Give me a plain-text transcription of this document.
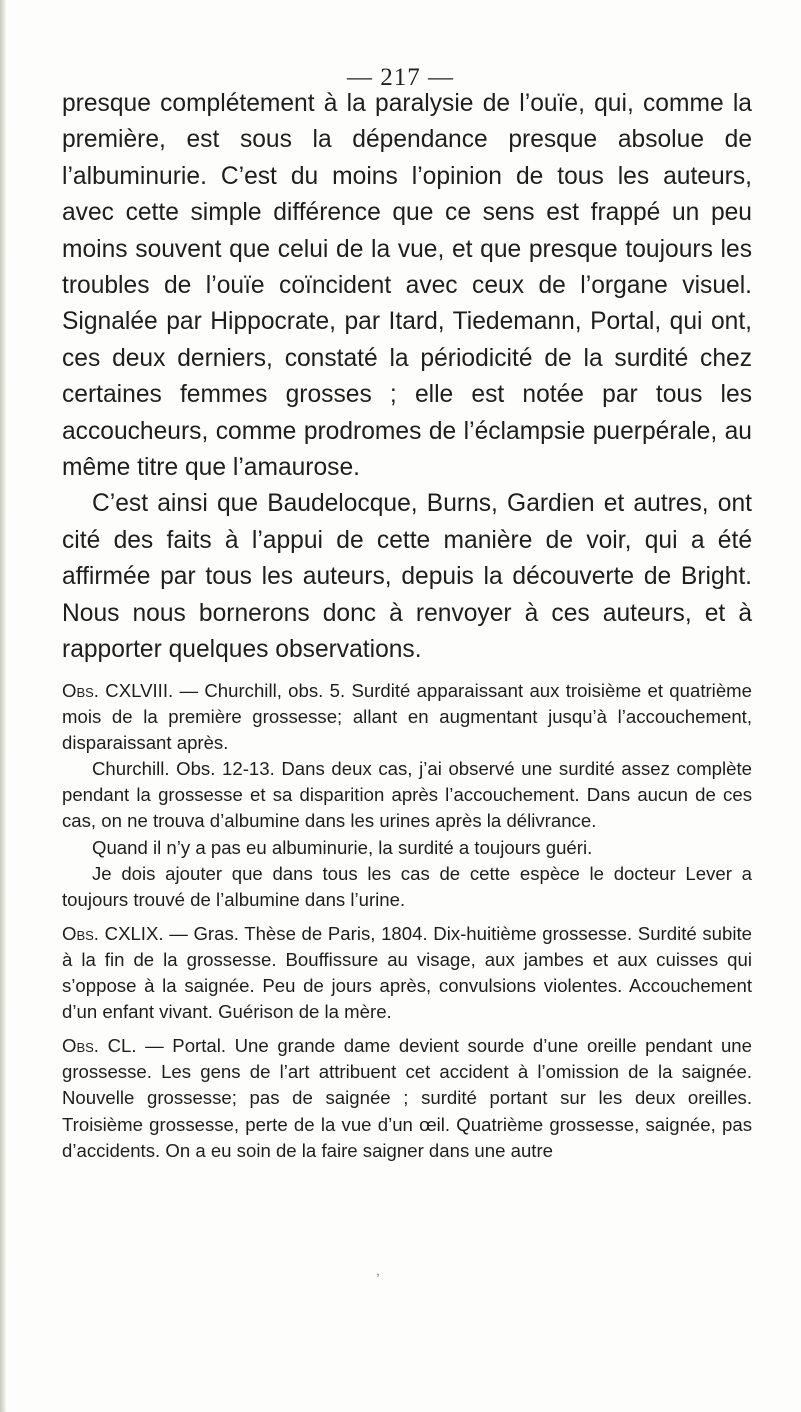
— 217 —

presque complétement à la paralysie de l’ouïe, qui, comme la première, est sous la dépendance presque absolue de l’albuminurie. C’est du moins l’opinion de tous les auteurs, avec cette simple différence que ce sens est frappé un peu moins souvent que celui de la vue, et que presque toujours les troubles de l’ouïe coïncident avec ceux de l’organe visuel. Signalée par Hippocrate, par Itard, Tiedemann, Portal, qui ont, ces deux derniers, constaté la périodicité de la surdité chez certaines femmes grosses ; elle est notée par tous les accoucheurs, comme prodromes de l’éclampsie puerpérale, au même titre que l’amaurose.

C’est ainsi que Baudelocque, Burns, Gardien et autres, ont cité des faits à l’appui de cette manière de voir, qui a été affirmée par tous les auteurs, depuis la découverte de Bright. Nous nous bornerons donc à renvoyer à ces auteurs, et à rapporter quelques observations.

Obs. CXLVIII. — Churchill, obs. 5. Surdité apparaissant aux troisième et quatrième mois de la première grossesse; allant en augmentant jusqu’à l’accouchement, disparaissant après.

Churchill. Obs. 12-13. Dans deux cas, j’ai observé une surdité assez complète pendant la grossesse et sa disparition après l’accouchement. Dans aucun de ces cas, on ne trouva d’albumine dans les urines après la délivrance.

Quand il n’y a pas eu albuminurie, la surdité a toujours guéri.

Je dois ajouter que dans tous les cas de cette espèce le docteur Lever a toujours trouvé de l’albumine dans l’urine.

Obs. CXLIX. — Gras. Thèse de Paris, 1804. Dix-huitième grossesse. Surdité subite à la fin de la grossesse. Bouffissure au visage, aux jambes et aux cuisses qui s’oppose à la saignée. Peu de jours après, convulsions violentes. Accouchement d’un enfant vivant. Guérison de la mère.

Obs. CL. — Portal. Une grande dame devient sourde d’une oreille pendant une grossesse. Les gens de l’art attribuent cet accident à l’omission de la saignée. Nouvelle grossesse; pas de saignée ; surdité portant sur les deux oreilles. Troisième grossesse, perte de la vue d’un œil. Quatrième grossesse, saignée, pas d’accidents. On a eu soin de la faire saigner dans une autre

,
